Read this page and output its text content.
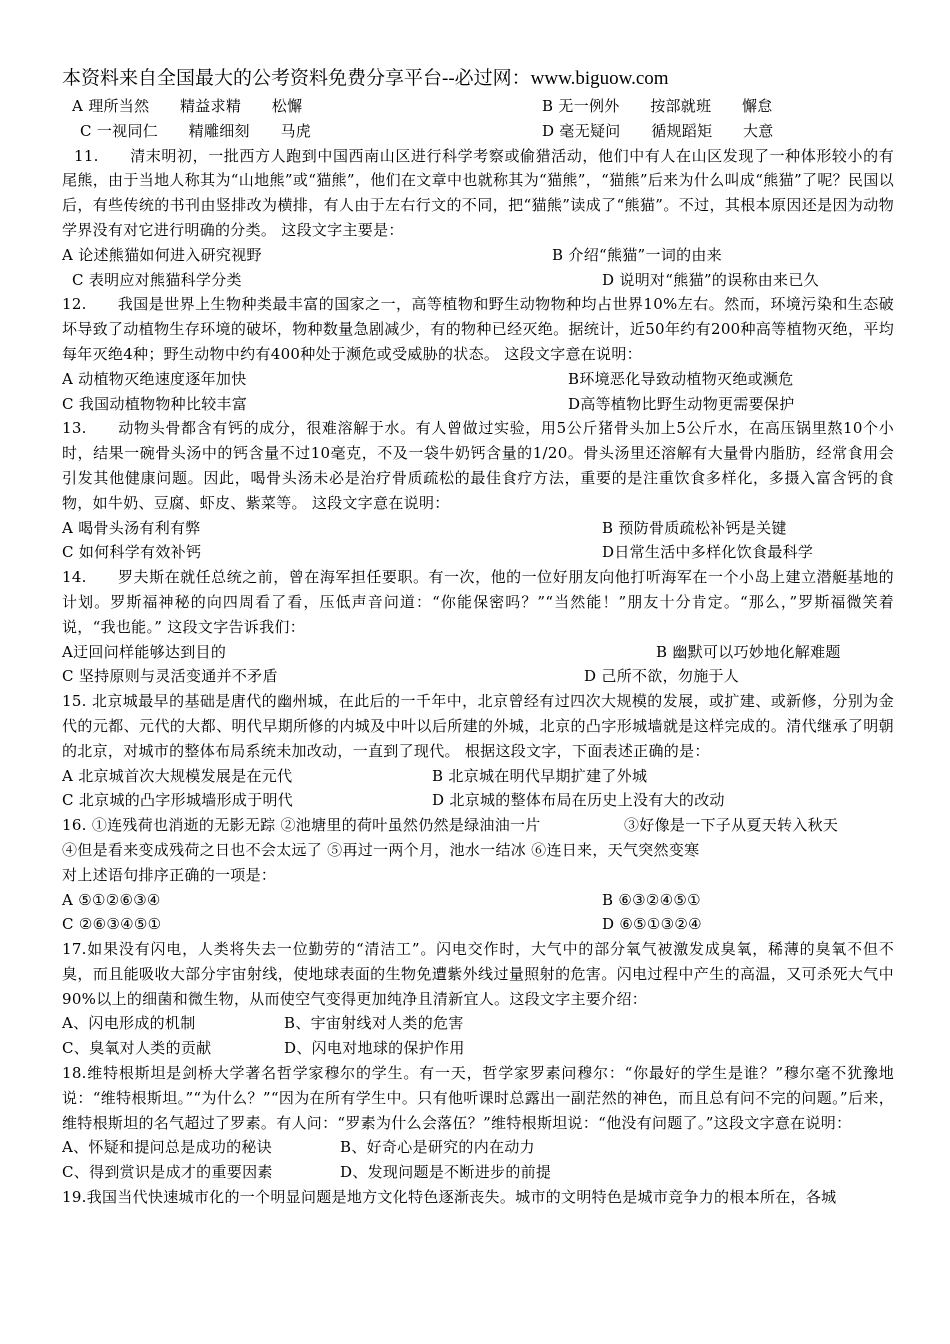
本资料来自全国最大的公考资料免费分享平台--必过网：www.biguow.com
A 理所当然　　精益求精　　松懈	B 无一例外　　按部就班　　懈怠
C 一视同仁　　精雕细刻　　马虎	D 毫无疑问　　循规蹈矩　　大意
11.　　清末明初，一批西方人跑到中国西南山区进行科学考察或偷猎活动，他们中有人在山区发现了一种体形较小的有尾熊，由于当地人称其为“山地熊”或“猫熊”，他们在文章中也就称其为“猫熊”，“猫熊”后来为什么叫成“熊猫”了呢？民国以后，有些传统的书刊由竖排改为横排，有人由于左右行文的不同，把“猫熊”读成了“熊猫”。不过，其根本原因还是因为动物学界没有对它进行明确的分类。 这段文字主要是：
A 论述熊猫如何进入研究视野	B 介绍“熊猫”一词的由来
C 表明应对熊猫科学分类	D 说明对“熊猫”的误称由来已久
12.　　我国是世界上生物种类最丰富的国家之一，高等植物和野生动物物种均占世界10%左右。然而，环境污染和生态破坏导致了动植物生存环境的破坏，物种数量急剧减少，有的物种已经灭绝。据统计，近50年约有200种高等植物灭绝，平均每年灭绝4种；野生动物中约有400种处于濒危或受威胁的状态。 这段文字意在说明：
A 动植物灭绝速度逐年加快	B环境恶化导致动植物灭绝或濒危
C 我国动植物物种比较丰富	D高等植物比野生动物更需要保护
13.　　动物头骨都含有钙的成分，很难溶解于水。有人曾做过实验，用5公斤猪骨头加上5公斤水，在高压锅里熬10个小时，结果一碗骨头汤中的钙含量不过10毫克，不及一袋牛奶钙含量的1/20。骨头汤里还溶解有大量骨内脂肪，经常食用会引发其他健康问题。因此，喝骨头汤未必是治疗骨质疏松的最佳食疗方法，重要的是注重饮食多样化，多摄入富含钙的食物，如牛奶、豆腐、虾皮、紫菜等。 这段文字意在说明：
A 喝骨头汤有利有弊	B 预防骨质疏松补钙是关键
C 如何科学有效补钙	D日常生活中多样化饮食最科学
14.　　罗夫斯在就任总统之前，曾在海军担任要职。有一次，他的一位好朋友向他打听海军在一个小岛上建立潜艇基地的计划。罗斯福神秘的向四周看了看，压低声音问道：“你能保密吗？”“当然能！”朋友十分肯定。“那么，”罗斯福微笑着说，“我也能。” 这段文字告诉我们：
A迂回问样能够达到目的	B 幽默可以巧妙地化解难题
C 坚持原则与灵活变通并不矛盾	D 己所不欲，勿施于人
15. 北京城最早的基础是唐代的幽州城，在此后的一千年中，北京曾经有过四次大规模的发展，或扩建、或新修，分别为金代的元都、元代的大都、明代早期所修的内城及中叶以后所建的外城，北京的凸字形城墙就是这样完成的。清代继承了明朝的北京，对城市的整体布局系统未加改动，一直到了现代。 根据这段文字，下面表述正确的是：
A 北京城首次大规模发展是在元代	B 北京城在明代早期扩建了外城
C 北京城的凸字形城墙形成于明代	D 北京城的整体布局在历史上没有大的改动
16. ①连残荷也消逝的无影无踪 ②池塘里的荷叶虽然仍然是绿油油一片	③好像是一下子从夏天转入秋天
④但是看来变成残荷之日也不会太远了 ⑤再过一两个月，池水一结冰 ⑥连日来，天气突然变寒
对上述语句排序正确的一项是：
A ⑤①②⑥③④	B ⑥③②④⑤①
C ②⑥③④⑤①	D ⑥⑤①③②④
17.如果没有闪电，人类将失去一位勤劳的“清洁工”。闪电交作时，大气中的部分氧气被激发成臭氧，稀薄的臭氧不但不臭，而且能吸收大部分宇宙射线，使地球表面的生物免遭紫外线过量照射的危害。闪电过程中产生的高温，又可杀死大气中90%以上的细菌和微生物，从而使空气变得更加纯净且清新宜人。这段文字主要介绍：
A、闪电形成的机制	B、宇宙射线对人类的危害
C、臭氧对人类的贡献	D、闪电对地球的保护作用
18.维特根斯坦是剑桥大学著名哲学家穆尔的学生。有一天，哲学家罗素问穆尔：“你最好的学生是谁？”穆尔毫不犹豫地说：“维特根斯坦。”“为什么？”“因为在所有学生中。只有他听课时总露出一副茫然的神色，而且总有问不完的问题。”后来，维特根斯坦的名气超过了罗素。有人问：“罗素为什么会落伍？”维特根斯坦说：“他没有问题了。”这段文字意在说明：
A、怀疑和提问总是成功的秘诀	B、好奇心是研究的内在动力
C、得到赏识是成才的重要因素	D、发现问题是不断进步的前提
19.我国当代快速城市化的一个明显问题是地方文化特色逐渐丧失。城市的文明特色是城市竞争力的根本所在，各城
